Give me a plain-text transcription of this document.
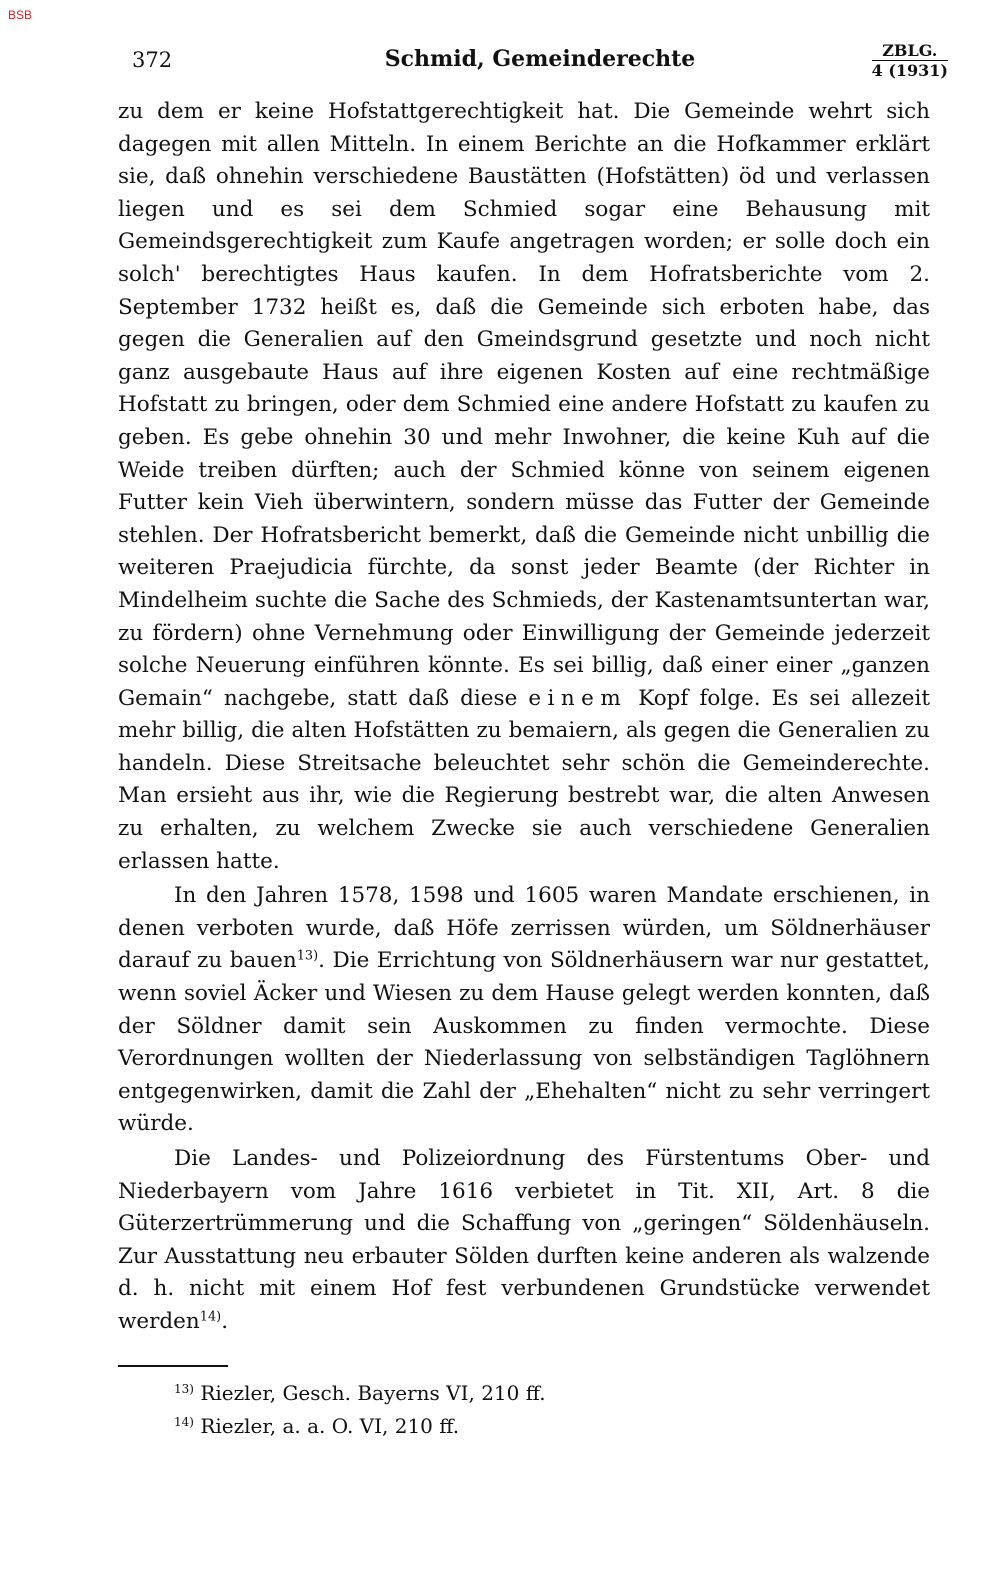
BSB
372	Schmid, Gemeinderechte	ZBLG.
4 (1931)

zu dem er keine Hofstattgerechtigkeit hat. Die Gemeinde wehrt sich dagegen mit allen Mitteln. In einem Berichte an die Hofkammer erklärt sie, daß ohnehin verschiedene Baustätten (Hofstätten) öd und verlassen liegen und es sei dem Schmied sogar eine Behausung mit Gemeindsgerechtigkeit zum Kaufe angetragen worden; er solle doch ein solch' berechtigtes Haus kaufen. In dem Hofratsberichte vom 2. September 1732 heißt es, daß die Gemeinde sich erboten habe, das gegen die Generalien auf den Gmeindsgrund gesetzte und noch nicht ganz ausgebaute Haus auf ihre eigenen Kosten auf eine rechtmäßige Hofstatt zu bringen, oder dem Schmied eine andere Hofstatt zu kaufen zu geben. Es gebe ohnehin 30 und mehr Inwohner, die keine Kuh auf die Weide treiben dürften; auch der Schmied könne von seinem eigenen Futter kein Vieh überwintern, sondern müsse das Futter der Gemeinde stehlen. Der Hofratsbericht bemerkt, daß die Gemeinde nicht unbillig die weiteren Praejudicia fürchte, da sonst jeder Beamte (der Richter in Mindelheim suchte die Sache des Schmieds, der Kastenamtsuntertan war, zu fördern) ohne Vernehmung oder Einwilligung der Gemeinde jederzeit solche Neuerung einführen könnte. Es sei billig, daß einer einer „ganzen Gemain“ nachgebe, statt daß diese einem Kopf folge. Es sei allezeit mehr billig, die alten Hofstätten zu bemaiern, als gegen die Generalien zu handeln. Diese Streitsache beleuchtet sehr schön die Gemeinderechte. Man ersieht aus ihr, wie die Regierung bestrebt war, die alten Anwesen zu erhalten, zu welchem Zwecke sie auch verschiedene Generalien erlassen hatte.

In den Jahren 1578, 1598 und 1605 waren Mandate erschienen, in denen verboten wurde, daß Höfe zerrissen würden, um Söldnerhäuser darauf zu bauen$^{13)}$. Die Errichtung von Söldnerhäusern war nur gestattet, wenn soviel Äcker und Wiesen zu dem Hause gelegt werden konnten, daß der Söldner damit sein Auskommen zu finden vermochte. Diese Verordnungen wollten der Niederlassung von selbständigen Taglöhnern entgegenwirken, damit die Zahl der „Ehehalten“ nicht zu sehr verringert würde.

Die Landes- und Polizeiordnung des Fürstentums Ober- und Niederbayern vom Jahre 1616 verbietet in Tit. XII, Art. 8 die Güterzertrümmerung und die Schaffung von „geringen“ Söldenhäuseln. Zur Ausstattung neu erbauter Sölden durften keine anderen als walzende d. h. nicht mit einem Hof fest verbundenen Grundstücke verwendet werden$^{14)}$.

$^{13)}$ Riezler, Gesch. Bayerns VI, 210 ff.

$^{14)}$ Riezler, a. a. O. VI, 210 ff.
